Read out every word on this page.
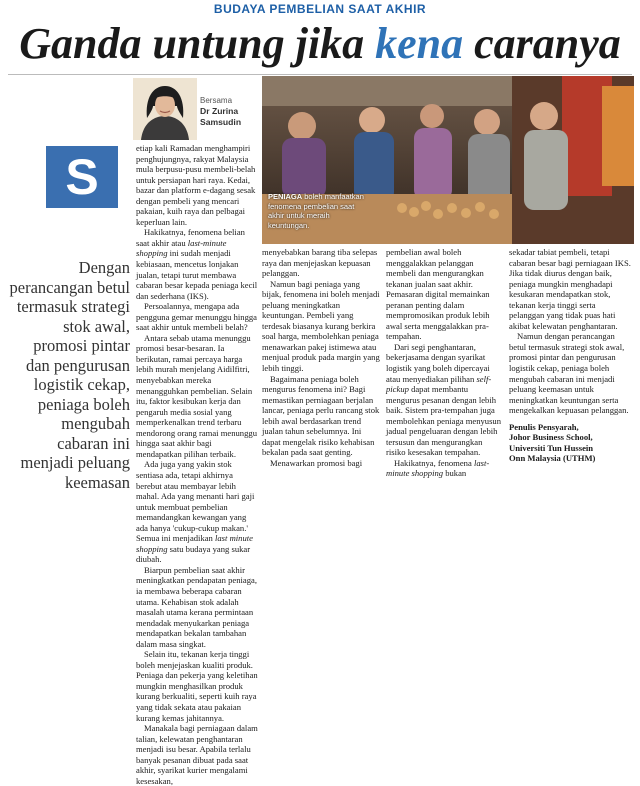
BUDAYA PEMBELIAN SAAT AKHIR
Ganda untung jika kena caranya
Bersama
Dr Zurina
Samsudin
PENIAGA boleh manfaatkan fenomena pembelian saat akhir untuk meraih keuntungan.
S
Dengan perancangan betul termasuk strategi stok awal, promosi pintar dan pengurusan logistik cekap, peniaga boleh mengubah cabaran ini menjadi peluang keemasan

etiap kali Ramadan menghampiri penghujungnya, rakyat Malaysia mula berpusu-pusu membeli-belah untuk persiapan hari raya. Kedai, bazar dan platform e-dagang sesak dengan pembeli yang mencari pakaian, kuih raya dan pelbagai keperluan lain.

Hakikatnya, fenomena belian saat akhir atau last-minute shopping ini sudah menjadi kebiasaan, mencetus lonjakan jualan, tetapi turut membawa cabaran besar kepada peniaga kecil dan sederhana (IKS).

Persoalannya, mengapa ada pengguna gemar menunggu hingga saat akhir untuk membeli belah?

Antara sebab utama menunggu promosi besar-besaran. Ia berikutan, ramai percaya harga lebih murah menjelang Aidilfitri, menyebabkan mereka menangguhkan pembelian. Selain itu, faktor kesibukan kerja dan pengaruh media sosial yang memperkenalkan trend terbaru mendorong orang ramai menunggu hingga saat akhir bagi mendapatkan pilihan terbaik.

Ada juga yang yakin stok sentiasa ada, tetapi akhirnya berebut atau membayar lebih mahal. Ada yang menanti hari gaji untuk membuat pembelian memandangkan kewangan yang ada hanya 'cukup-cukup makan.' Semua ini menjadikan last minute shopping satu budaya yang sukar diubah.

Biarpun pembelian saat akhir meningkatkan pendapatan peniaga, ia membawa beberapa cabaran utama. Kehabisan stok adalah masalah utama kerana permintaan mendadak menyukarkan peniaga mendapatkan bekalan tambahan dalam masa singkat.

Selain itu, tekanan kerja tinggi boleh menjejaskan kualiti produk. Peniaga dan pekerja yang keletihan mungkin menghasilkan produk kurang berkualiti, seperti kuih raya yang tidak sekata atau pakaian kurang kemas jahitannya.

Manakala bagi perniagaan dalam talian, kelewatan penghantaran menjadi isu besar. Apabila terlalu banyak pesanan dibuat pada saat akhir, syarikat kurier mengalami kesesakan,

menyebabkan barang tiba selepas raya dan menjejaskan kepuasan pelanggan.

Namun bagi peniaga yang bijak, fenomena ini boleh menjadi peluang meningkatkan keuntungan. Pembeli yang terdesak biasanya kurang berkira soal harga, membolehkan peniaga menawarkan pakej istimewa atau menjual produk pada margin yang lebih tinggi.

Bagaimana peniaga boleh mengurus fenomena ini? Bagi memastikan perniagaan berjalan lancar, peniaga perlu rancang stok lebih awal berdasarkan trend jualan tahun sebelumnya. Ini dapat mengelak risiko kehabisan bekalan pada saat genting.

Menawarkan promosi bagi

pembelian awal boleh menggalakkan pelanggan membeli dan mengurangkan tekanan jualan saat akhir. Pemasaran digital memainkan peranan penting dalam mempromosikan produk lebih awal serta menggalakkan pra-tempahan.

Dari segi penghantaran, bekerjasama dengan syarikat logistik yang boleh dipercayai atau menyediakan pilihan self-pickup dapat membantu mengurus pesanan dengan lebih baik. Sistem pra-tempahan juga membolehkan peniaga menyusun jadual pengeluaran dengan lebih tersusun dan mengurangkan risiko kesesakan tempahan.

Hakikatnya, fenomena last-minute shopping bukan

sekadar tabiat pembeli, tetapi cabaran besar bagi perniagaan IKS. Jika tidak diurus dengan baik, peniaga mungkin menghadapi kesukaran mendapatkan stok, tekanan kerja tinggi serta pelanggan yang tidak puas hati akibat kelewatan penghantaran.

Namun dengan perancangan betul termasuk strategi stok awal, promosi pintar dan pengurusan logistik cekap, peniaga boleh mengubah cabaran ini menjadi peluang keemasan untuk meningkatkan keuntungan serta mengekalkan kepuasan pelanggan.

Penulis Pensyarah,
Johor Business School,
Universiti Tun Hussein
Onn Malaysia (UTHM)
